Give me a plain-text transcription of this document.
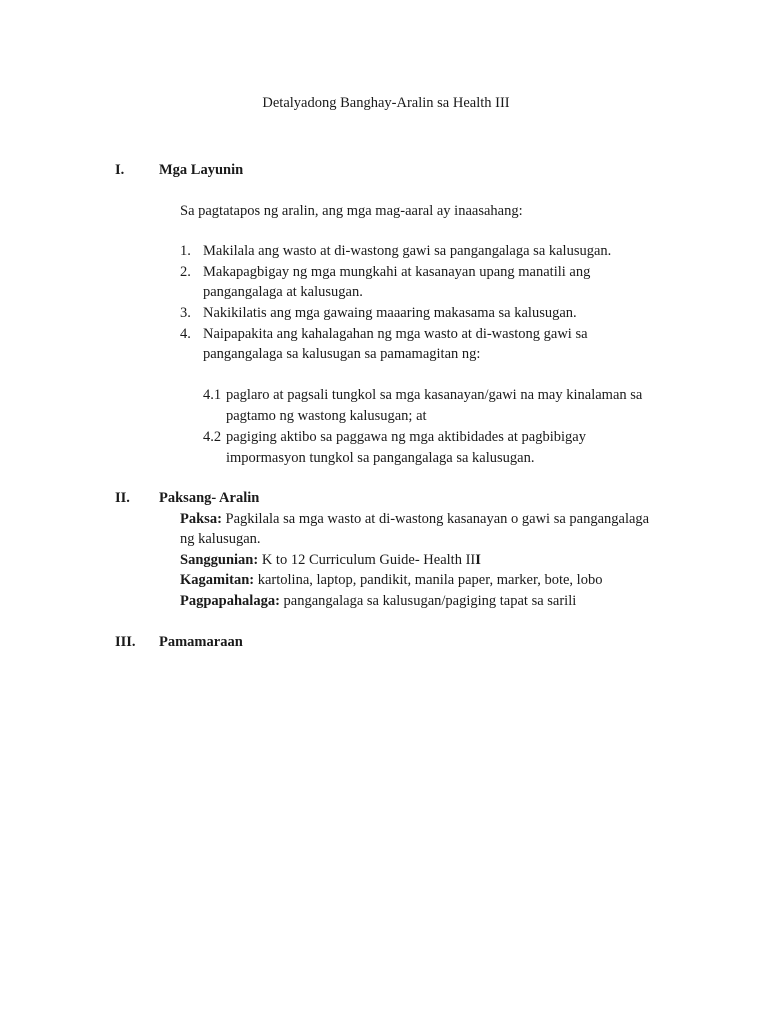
Detalyadong Banghay-Aralin sa Health III
I. Mga Layunin
Sa pagtatapos ng aralin, ang mga mag-aaral ay inaasahang:
1. Makilala ang wasto at di-wastong gawi sa pangangalaga sa kalusugan.
2. Makapagbigay ng mga mungkahi at kasanayan upang manatili ang
pangangalaga at kalusugan.
3. Nakikilatis ang mga gawaing maaaring makasama sa kalusugan.
4. Naipapakita ang kahalagahan ng mga wasto at di-wastong gawi sa
pangangalaga sa kalusugan sa pamamagitan ng:
4.1 paglaro at pagsali tungkol sa mga kasanayan/gawi na may kinalaman sa
pagtamo ng wastong kalusugan; at
4.2 pagiging aktibo sa paggawa ng mga aktibidades at pagbibigay
impormasyon tungkol sa pangangalaga sa kalusugan.
II. Paksang- Aralin
Paksa: Pagkilala sa mga wasto at di-wastong kasanayan o gawi sa pangangalaga
ng kalusugan.
Sanggunian: K to 12 Curriculum Guide- Health III
Kagamitan: kartolina, laptop, pandikit, manila paper, marker, bote, lobo
Pagpapahalaga: pangangalaga sa kalusugan/pagiging tapat sa sarili
III. Pamamaraan
